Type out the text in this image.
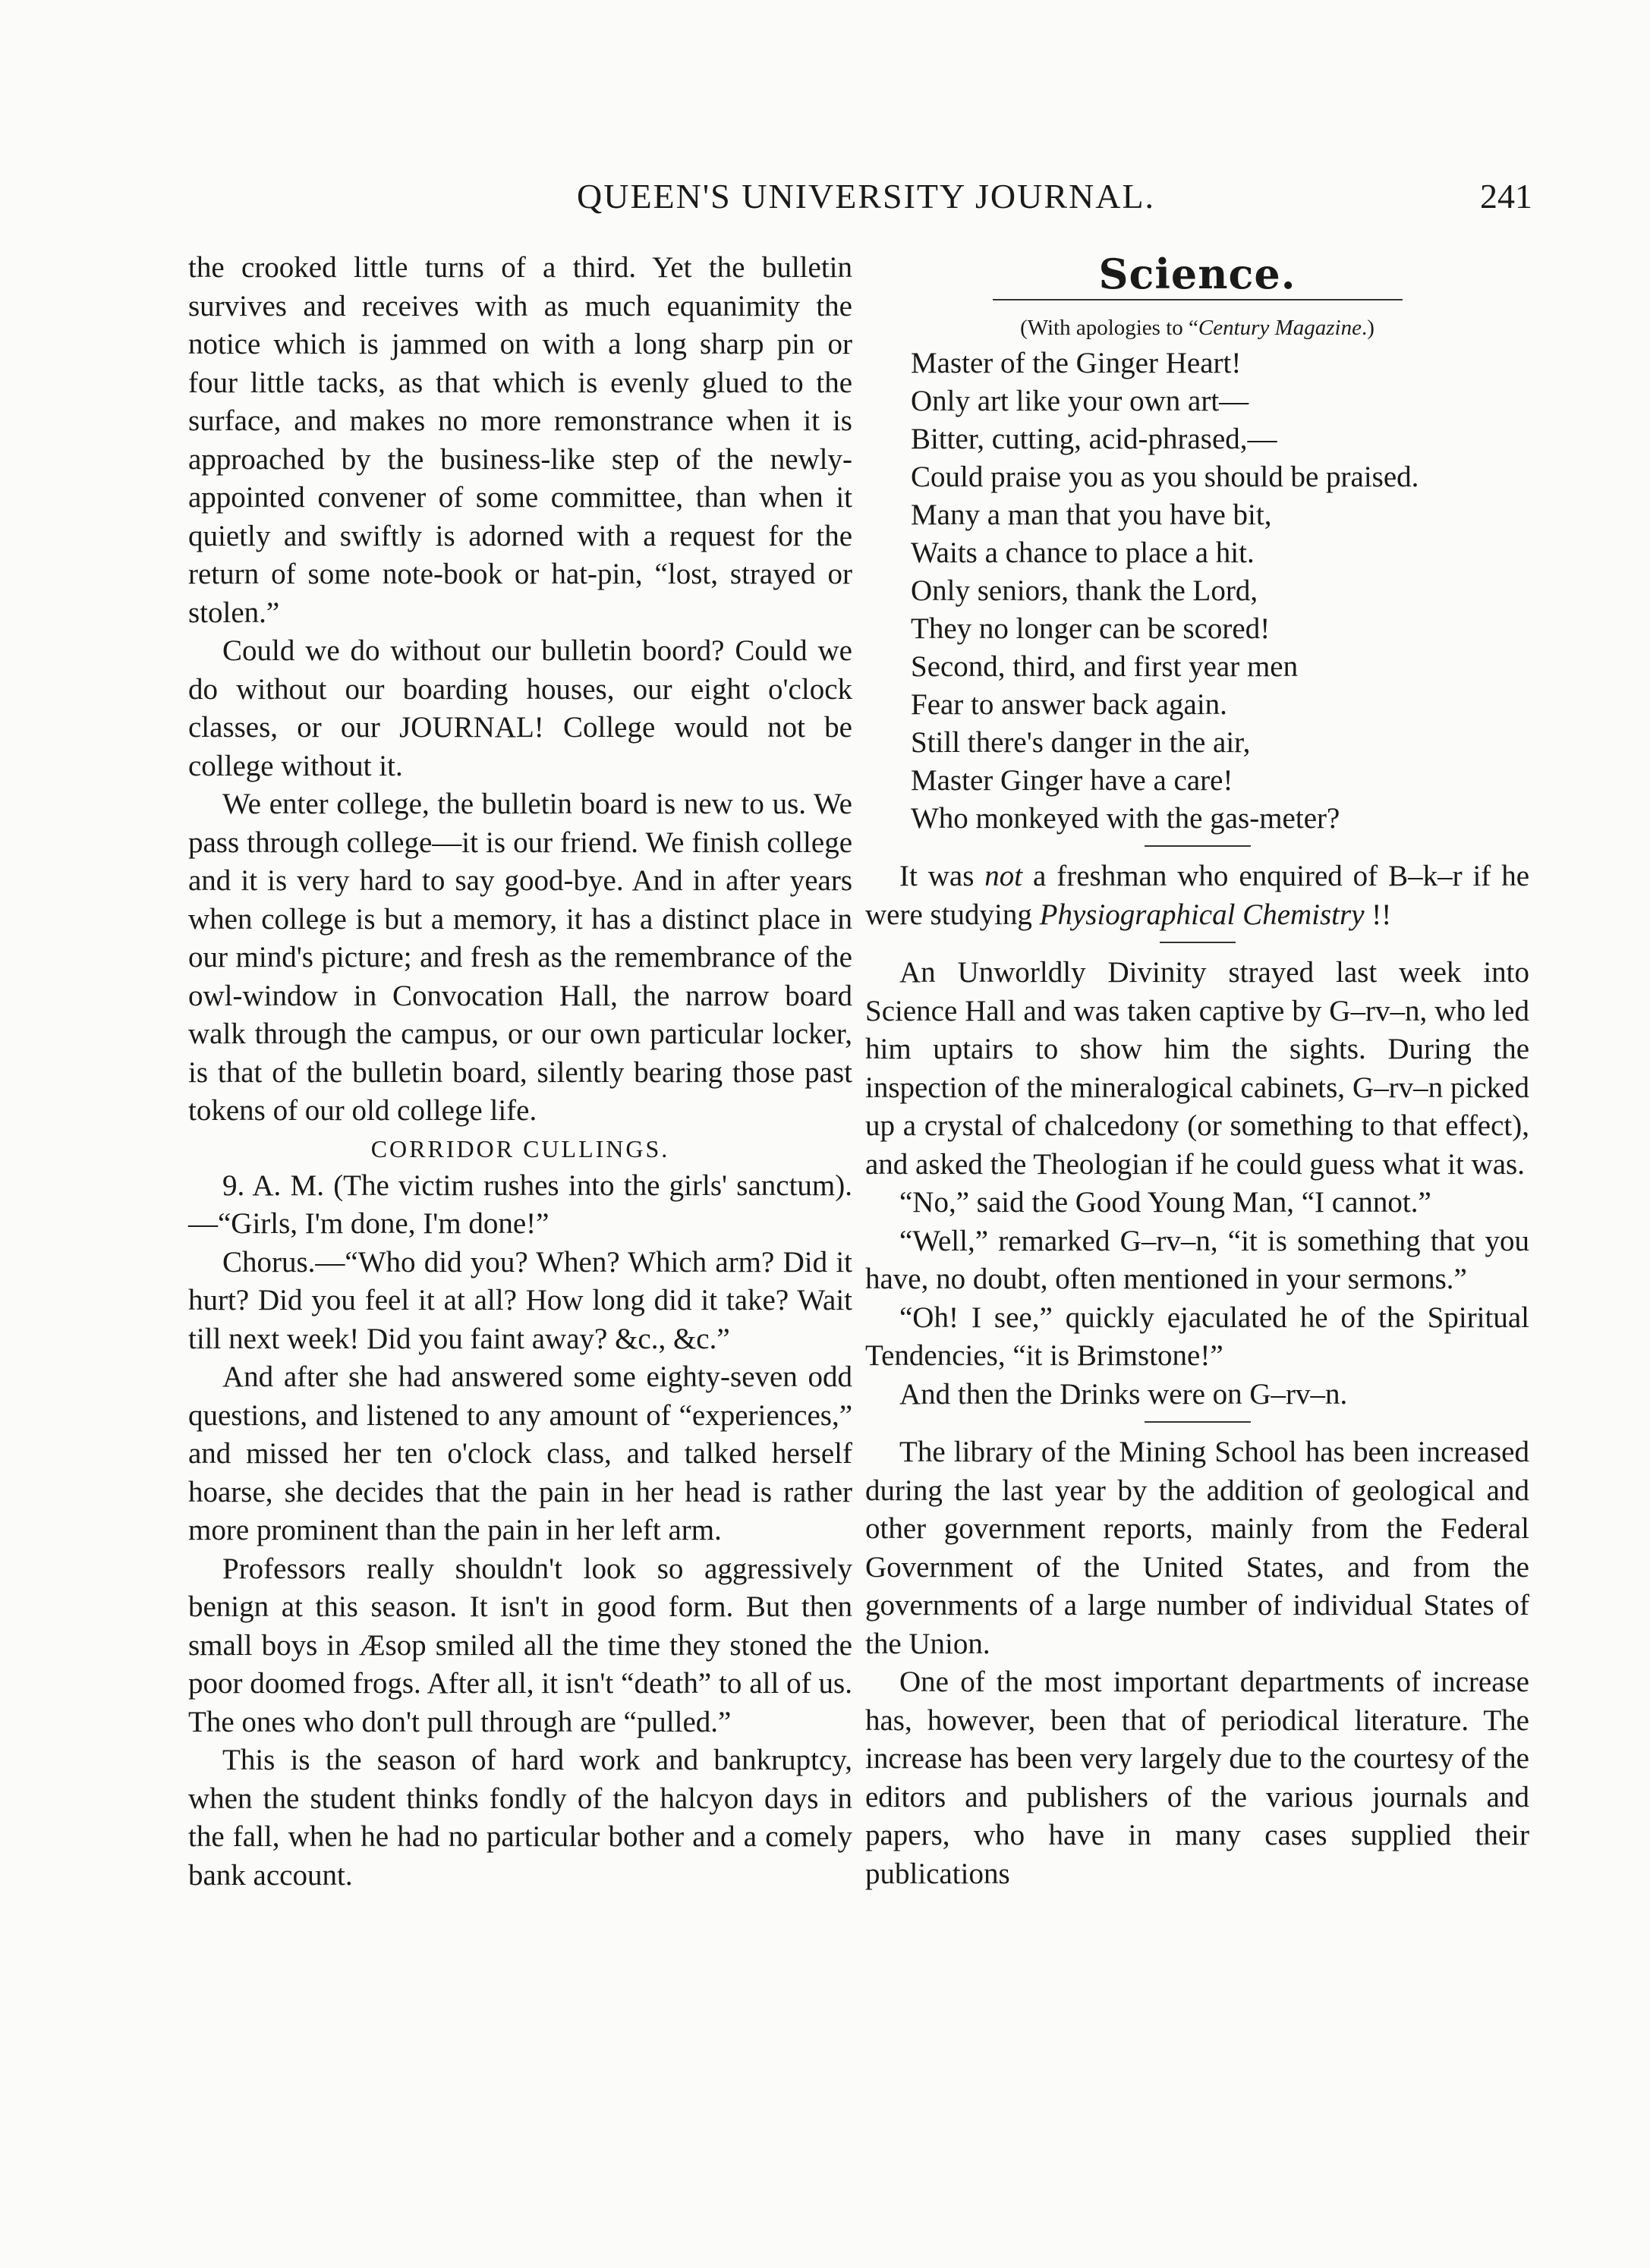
QUEEN'S UNIVERSITY JOURNAL.	241

the crooked little turns of a third. Yet the bulletin survives and receives with as much equanimity the notice which is jammed on with a long sharp pin or four little tacks, as that which is evenly glued to the surface, and makes no more remonstrance when it is approached by the business-like step of the newly-appointed convener of some committee, than when it quietly and swiftly is adorned with a request for the return of some note-book or hat-pin, “lost, strayed or stolen.”

Could we do without our bulletin boord? Could we do without our boarding houses, our eight o'clock classes, or our JOURNAL! College would not be college without it.

We enter college, the bulletin board is new to us. We pass through college—it is our friend. We finish college and it is very hard to say good-bye. And in after years when college is but a memory, it has a distinct place in our mind's picture; and fresh as the remembrance of the owl-window in Convocation Hall, the narrow board walk through the campus, or our own particular locker, is that of the bulletin board, silently bearing those past tokens of our old college life.

CORRIDOR CULLINGS.

9. A. M. (The victim rushes into the girls' sanctum).—“Girls, I'm done, I'm done!”

Chorus.—“Who did you? When? Which arm? Did it hurt? Did you feel it at all? How long did it take? Wait till next week! Did you faint away? &c., &c.”

And after she had answered some eighty-seven odd questions, and listened to any amount of “experiences,” and missed her ten o'clock class, and talked herself hoarse, she decides that the pain in her head is rather more prominent than the pain in her left arm.

Professors really shouldn't look so aggressively benign at this season. It isn't in good form. But then small boys in Æsop smiled all the time they stoned the poor doomed frogs. After all, it isn't “death” to all of us. The ones who don't pull through are “pulled.”

This is the season of hard work and bankruptcy, when the student thinks fondly of the halcyon days in the fall, when he had no particular bother and a comely bank account.

Science.

(With apologies to “Century Magazine.)

Master of the Ginger Heart!
Only art like your own art—
Bitter, cutting, acid-phrased,—
Could praise you as you should be praised.
Many a man that you have bit,
Waits a chance to place a hit.
Only seniors, thank the Lord,
They no longer can be scored!
Second, third, and first year men
Fear to answer back again.
Still there's danger in the air,
Master Ginger have a care!
Who monkeyed with the gas-meter?

It was not a freshman who enquired of B–k–r if he were studying Physiographical Chemistry !!

An Unworldly Divinity strayed last week into Science Hall and was taken captive by G–rv–n, who led him uptairs to show him the sights. During the inspection of the mineralogical cabinets, G–rv–n picked up a crystal of chalcedony (or something to that effect), and asked the Theologian if he could guess what it was.

“No,” said the Good Young Man, “I cannot.”

“Well,” remarked G–rv–n, “it is something that you have, no doubt, often mentioned in your sermons.”

“Oh! I see,” quickly ejaculated he of the Spiritual Tendencies, “it is Brimstone!”

And then the Drinks were on G–rv–n.

The library of the Mining School has been increased during the last year by the addition of geological and other government reports, mainly from the Federal Government of the United States, and from the governments of a large number of individual States of the Union.

One of the most important departments of increase has, however, been that of periodical literature. The increase has been very largely due to the courtesy of the editors and publishers of the various journals and papers, who have in many cases supplied their publications
